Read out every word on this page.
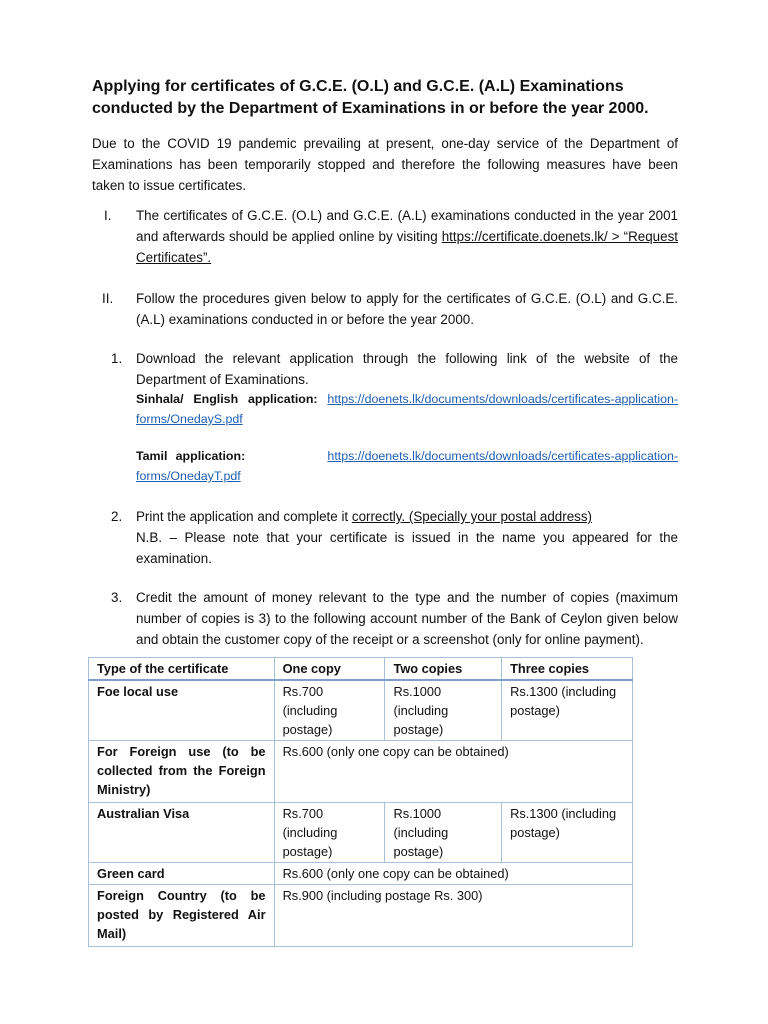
Applying for certificates of G.C.E. (O.L) and G.C.E. (A.L) Examinations conducted by the Department of Examinations in or before the year 2000.

Due to the COVID 19 pandemic prevailing at present, one-day service of the Department of Examinations has been temporarily stopped and therefore the following measures have been taken to issue certificates.

I. The certificates of G.C.E. (O.L) and G.C.E. (A.L) examinations conducted in the year 2001 and afterwards should be applied online by visiting https://certificate.doenets.lk/ > “Request Certificates”.

II. Follow the procedures given below to apply for the certificates of G.C.E. (O.L) and G.C.E. (A.L) examinations conducted in or before the year 2000.

1. Download the relevant application through the following link of the website of the Department of Examinations.

Sinhala/ English application: https://doenets.lk/documents/downloads/certificates-application-forms/OnedayS.pdf

Tamil application:	https://doenets.lk/documents/downloads/certificates-application-forms/OnedayT.pdf

2. Print the application and complete it correctly. (Specially your postal address)

N.B. – Please note that your certificate is issued in the name you appeared for the examination.

3. Credit the amount of money relevant to the type and the number of copies (maximum number of copies is 3) to the following account number of the Bank of Ceylon given below and obtain the customer copy of the receipt or a screenshot (only for online payment).

Type of the certificate	One copy	Two copies	Three copies
Foe local use	Rs.700 (including postage)	Rs.1000 (including postage)	Rs.1300 (including postage)
For Foreign use (to be collected from the Foreign Ministry)	Rs.600 (only one copy can be obtained)		
Australian Visa	Rs.700 (including postage)	Rs.1000 (including postage)	Rs.1300 (including postage)
Green card	Rs.600 (only one copy can be obtained)		
Foreign Country (to be posted by Registered Air Mail)	Rs.900 (including postage Rs. 300)		
